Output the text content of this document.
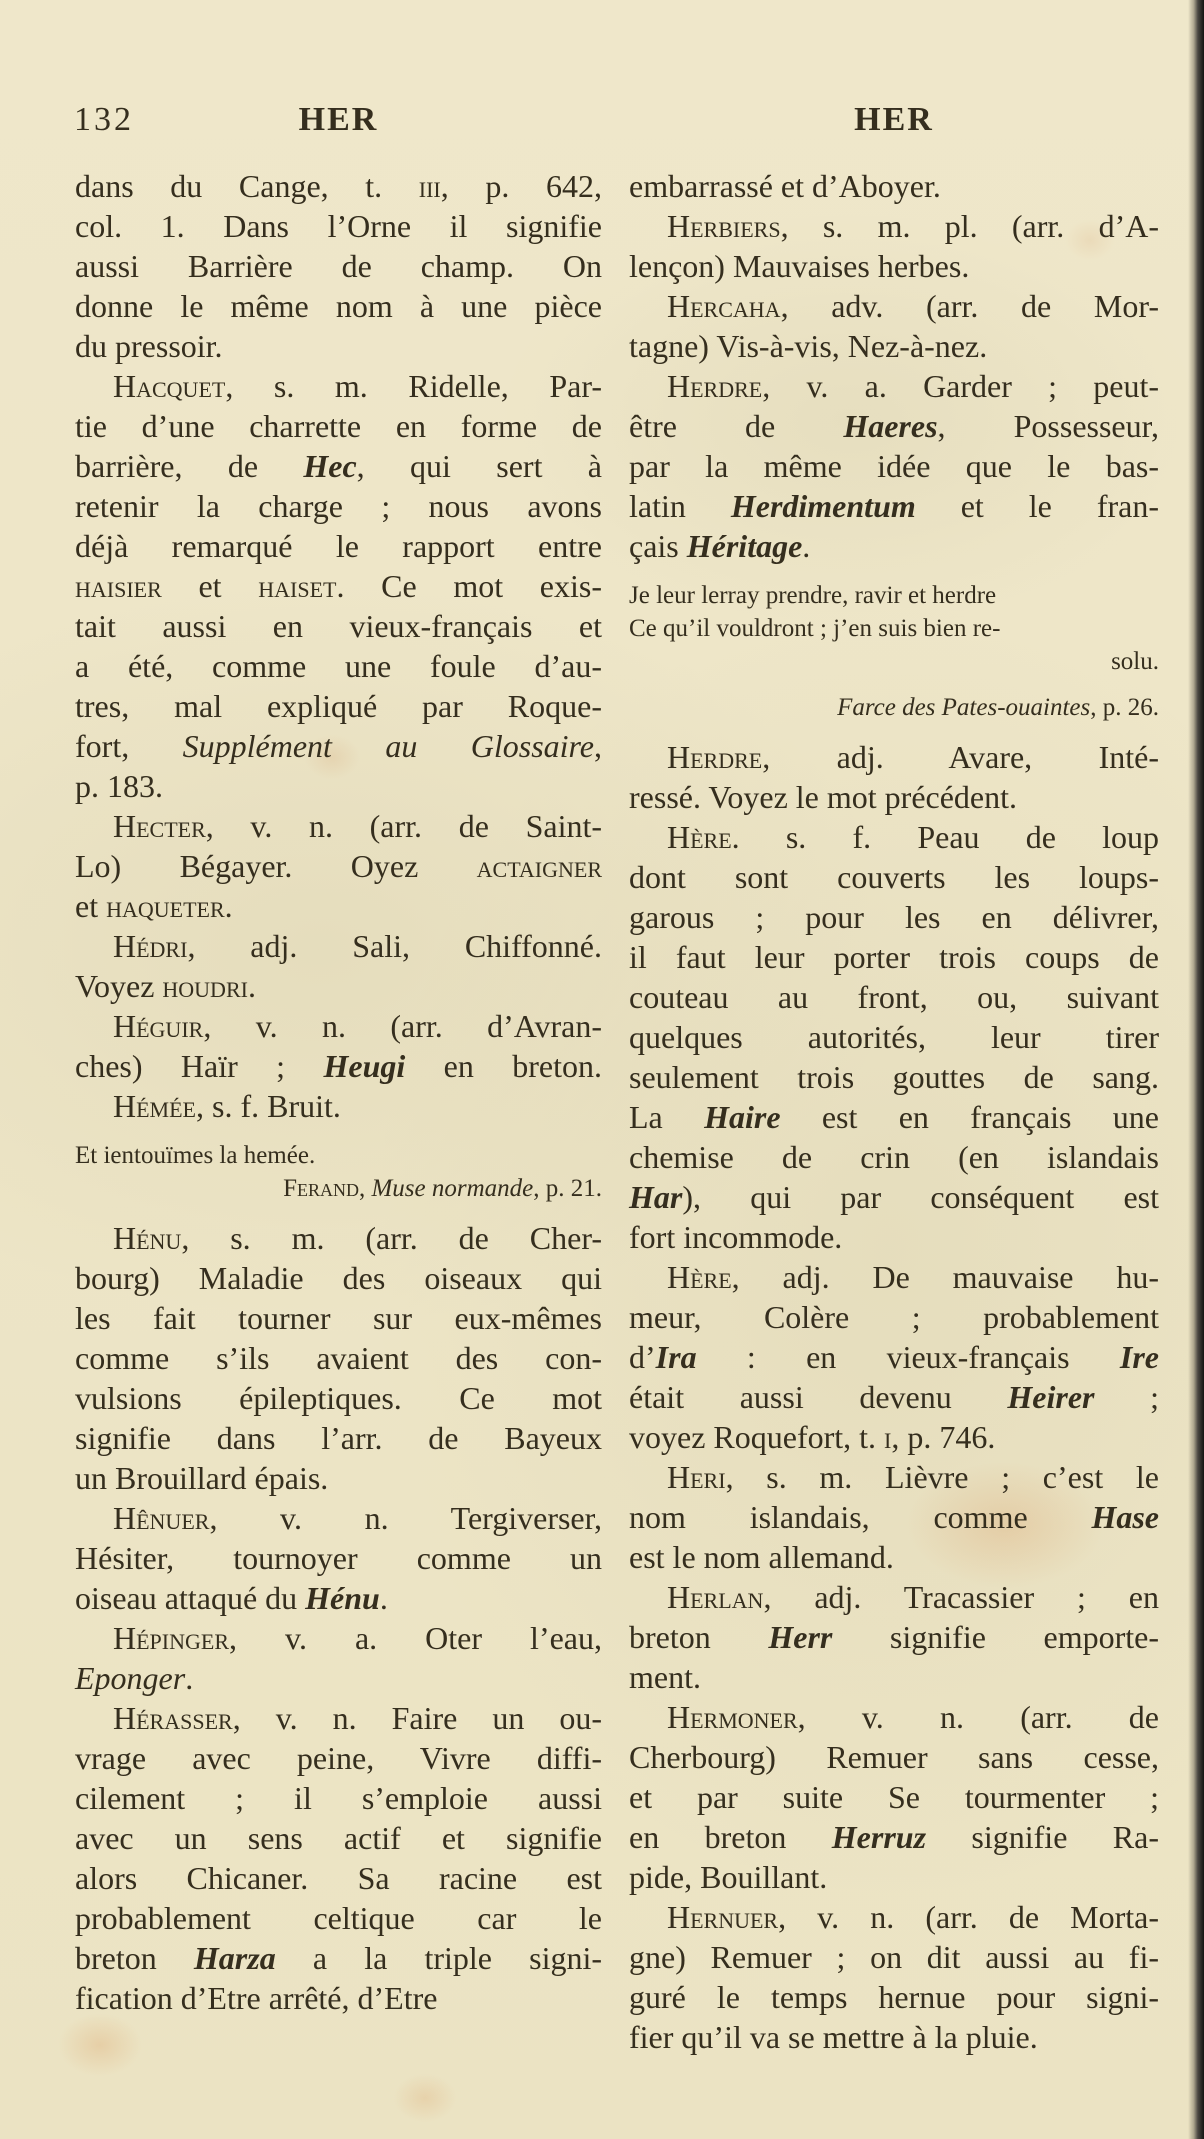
132	HER	HER
dans du Cange, t. iii, p. 642,
col. 1. Dans l’Orne il signifie
aussi Barrière de champ. On
donne le même nom à une pièce
du pressoir.
Hacquet, s. m. Ridelle, Par-
tie d’une charrette en forme de
barrière, de Hec, qui sert à
retenir la charge ; nous avons
déjà remarqué le rapport entre
haisier et haiset. Ce mot exis-
tait aussi en vieux-français et
a été, comme une foule d’au-
tres, mal expliqué par Roque-
fort, Supplément au Glossaire,
p. 183.
Hecter, v. n. (arr. de Saint-
Lo) Bégayer. Oyez actaigner
et haqueter.
Hédri, adj. Sali, Chiffonné.
Voyez houdri.
Héguir, v. n. (arr. d’Avran-
ches) Haïr ; Heugi en breton.
Hémée, s. f. Bruit.
Et ientouïmes la hemée.
Ferand, Muse normande, p. 21.
Hénu, s. m. (arr. de Cher-
bourg) Maladie des oiseaux qui
les fait tourner sur eux-mêmes
comme s’ils avaient des con-
vulsions épileptiques. Ce mot
signifie dans l’arr. de Bayeux
un Brouillard épais.
Hênuer, v. n. Tergiverser,
Hésiter, tournoyer comme un
oiseau attaqué du Hénu.
Hépinger, v. a. Oter l’eau,
Eponger.
Hérasser, v. n. Faire un ou-
vrage avec peine, Vivre diffi-
cilement ; il s’emploie aussi
avec un sens actif et signifie
alors Chicaner. Sa racine est
probablement celtique car le
breton Harza a la triple signi-
fication d’Etre arrêté, d’Etre
embarrassé et d’Aboyer.
Herbiers, s. m. pl. (arr. d’A-
lençon) Mauvaises herbes.
Hercaha, adv. (arr. de Mor-
tagne) Vis-à-vis, Nez-à-nez.
Herdre, v. a. Garder ; peut-
être de Haeres, Possesseur,
par la même idée que le bas-
latin Herdimentum et le fran-
çais Héritage.
Je leur lerray prendre, ravir et herdre
Ce qu’il vouldront ; j’en suis bien re-
solu.
Farce des Pates-ouaintes, p. 26.
Herdre, adj. Avare, Inté-
ressé. Voyez le mot précédent.
Hère. s. f. Peau de loup
dont sont couverts les loups-
garous ; pour les en délivrer,
il faut leur porter trois coups de
couteau au front, ou, suivant
quelques autorités, leur tirer
seulement trois gouttes de sang.
La Haire est en français une
chemise de crin (en islandais
Har), qui par conséquent est
fort incommode.
Hère, adj. De mauvaise hu-
meur, Colère ; probablement
d’Ira : en vieux-français Ire
était aussi devenu Heirer ;
voyez Roquefort, t. i, p. 746.
Heri, s. m. Lièvre ; c’est le
nom islandais, comme Hase
est le nom allemand.
Herlan, adj. Tracassier ; en
breton Herr signifie emporte-
ment.
Hermoner, v. n. (arr. de
Cherbourg) Remuer sans cesse,
et par suite Se tourmenter ;
en breton Herruz signifie Ra-
pide, Bouillant.
Hernuer, v. n. (arr. de Morta-
gne) Remuer ; on dit aussi au fi-
guré le temps hernue pour signi-
fier qu’il va se mettre à la pluie.
